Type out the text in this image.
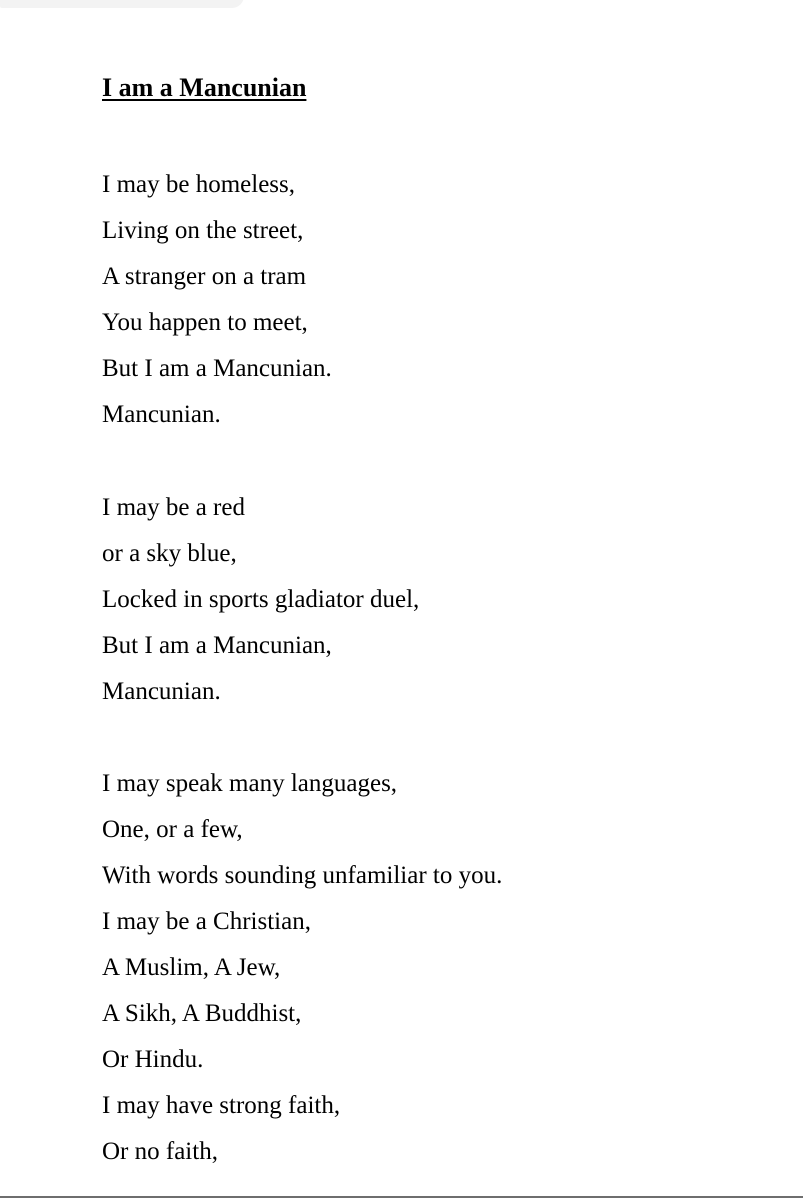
I am a Mancunian

I may be homeless,

Living on the street,

A stranger on a tram

You happen to meet,

But I am a Mancunian.

Mancunian.

I may be a red

or a sky blue,

Locked in sports gladiator duel,

But I am a Mancunian,

Mancunian.

I may speak many languages,

One, or a few,

With words sounding unfamiliar to you.

I may be a Christian,

A Muslim, A Jew,

A Sikh, A Buddhist,

Or Hindu.

I may have strong faith,

Or no faith,
